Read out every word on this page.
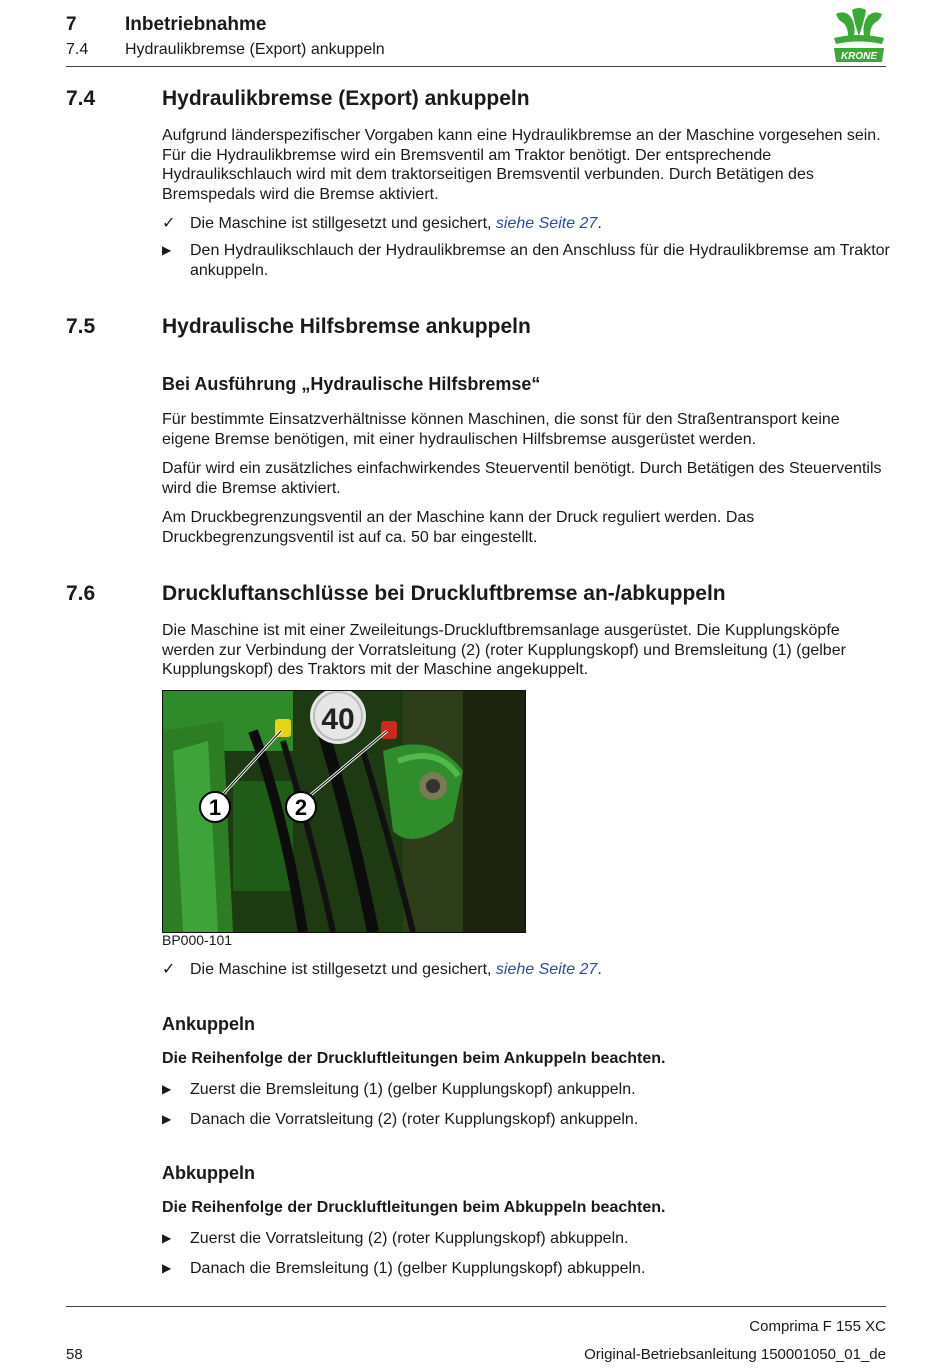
7	Inbetriebnahme
7.4 Hydraulikbremse (Export) ankuppeln	KRONE
7.4	Hydraulikbremse (Export) ankuppeln
Aufgrund länderspezifischer Vorgaben kann eine Hydraulikbremse an der Maschine vorgesehen sein. Für die Hydraulikbremse wird ein Bremsventil am Traktor benötigt. Der entsprechende Hydraulikschlauch wird mit dem traktorseitigen Bremsventil verbunden. Durch Betätigen des Bremspedals wird die Bremse aktiviert.
✓ Die Maschine ist stillgesetzt und gesichert, siehe Seite 27.
▶ Den Hydraulikschlauch der Hydraulikbremse an den Anschluss für die Hydraulikbremse am Traktor ankuppeln.
7.5	Hydraulische Hilfsbremse ankuppeln
Bei Ausführung „Hydraulische Hilfsbremse“
Für bestimmte Einsatzverhältnisse können Maschinen, die sonst für den Straßentransport keine eigene Bremse benötigen, mit einer hydraulischen Hilfsbremse ausgerüstet werden.
Dafür wird ein zusätzliches einfachwirkendes Steuerventil benötigt. Durch Betätigen des Steuerventils wird die Bremse aktiviert.
Am Druckbegrenzungsventil an der Maschine kann der Druck reguliert werden. Das Druckbegrenzungsventil ist auf ca. 50 bar eingestellt.
7.6	Druckluftanschlüsse bei Druckluftbremse an-/abkuppeln
Die Maschine ist mit einer Zweileitungs-Druckluftbremsanlage ausgerüstet. Die Kupplungsköpfe werden zur Verbindung der Vorratsleitung (2) (roter Kupplungskopf) und Bremsleitung (1) (gelber Kupplungskopf) des Traktors mit der Maschine angekuppelt.
40
1	2
BP000-101
✓ Die Maschine ist stillgesetzt und gesichert, siehe Seite 27.
Ankuppeln
Die Reihenfolge der Druckluftleitungen beim Ankuppeln beachten.
▶ Zuerst die Bremsleitung (1) (gelber Kupplungskopf) ankuppeln.
▶ Danach die Vorratsleitung (2) (roter Kupplungskopf) ankuppeln.
Abkuppeln
Die Reihenfolge der Druckluftleitungen beim Abkuppeln beachten.
▶ Zuerst die Vorratsleitung (2) (roter Kupplungskopf) abkuppeln.
▶ Danach die Bremsleitung (1) (gelber Kupplungskopf) abkuppeln.
Comprima F 155 XC
58	Original-Betriebsanleitung 150001050_01_de
